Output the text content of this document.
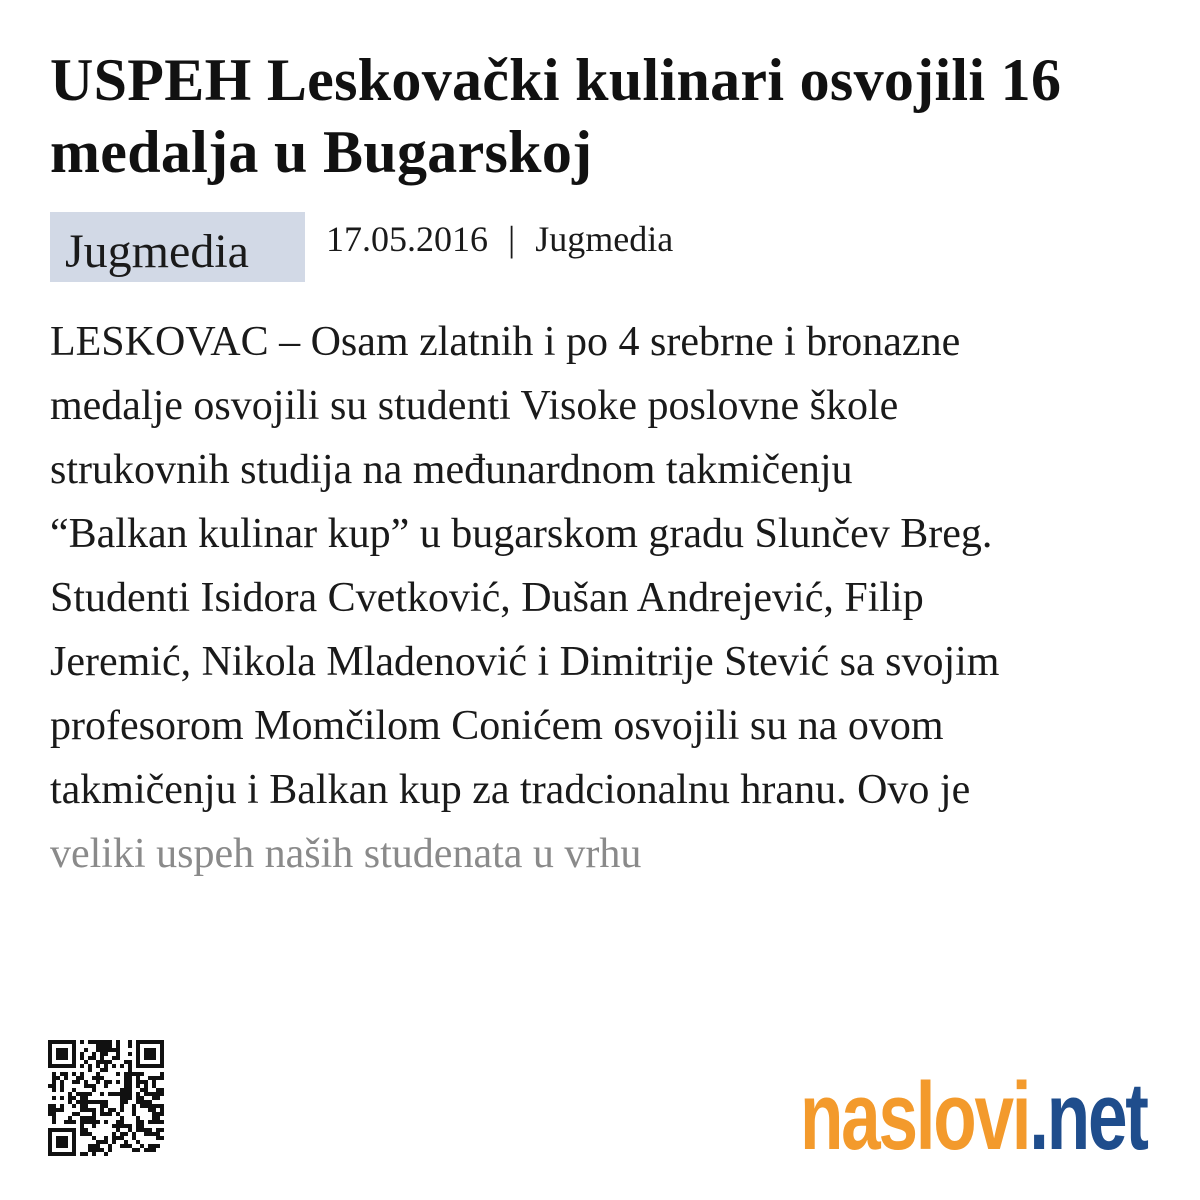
USPEH Leskovački kulinari osvojili 16 medalja u Bugarskoj
Jugmedia	17.05.2016 | Jugmedia
LESKOVAC – Osam zlatnih i po 4 srebrne i bronazne
medalje osvojili su studenti Visoke poslovne škole
strukovnih studija na međunardnom takmičenju
“Balkan kulinar kup” u bugarskom gradu Slunčev Breg.
Studenti Isidora Cvetković, Dušan Andrejević, Filip
Jeremić, Nikola Mladenović i Dimitrije Stević sa svojim
profesorom Momčilom Conićem osvojili su na ovom
takmičenju i Balkan kup za tradcionalnu hranu. Ovo je
veliki uspeh naših studenata u vrhu
naslovi.net
